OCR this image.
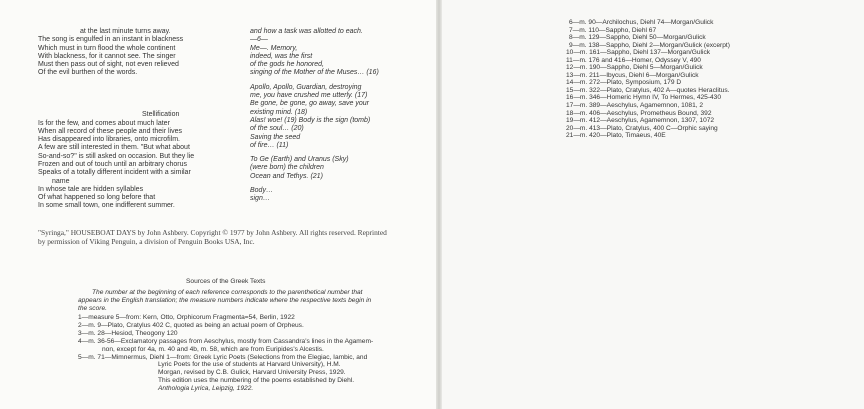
at the last minute turns away.
The song is engulfed in an instant in blackness
Which must in turn flood the whole continent
With blackness, for it cannot see. The singer
Must then pass out of sight, not even relieved
Of the evil burthen of the words.
Stellification
Is for the few, and comes about much later
When all record of these people and their lives
Has disappeared into libraries, onto microfilm.
A few are still interested in them. "But what about
So-and-so?" is still asked on occasion. But they lie
Frozen and out of touch until an arbitrary chorus
Speaks of a totally different incident with a similar
name
In whose tale are hidden syllables
Of what happened so long before that
In some small town, one indifferent summer.
and how a task was allotted to each.
—6—
Me—. Memory,
indeed, was the first
of the gods he honored,
singing of the Mother of the Muses… (16)
Apollo, Apollo, Guardian, destroying
me, you have crushed me utterly. (17)
Be gone, be gone, go away, save your
existing mind. (18)
Alas! woe! (19) Body is the sign (tomb)
of the soul… (20)
Saving the seed
of fire… (11)
To Ge (Earth) and Uranus (Sky)
(were born) the children
Ocean and Tethys. (21)
Body…
sign…
"Syringa," HOUSEBOAT DAYS by John Ashbery. Copyright © 1977 by John Ashbery. All rights reserved. Reprinted
by permission of Viking Penguin, a division of Penguin Books USA, Inc.
Sources of the Greek Texts
The number at the beginning of each reference corresponds to the parenthetical number that
appears in the English translation; the measure numbers indicate where the respective texts begin in
the score.
1—measure 5—from: Kern, Otto, Orphicorum Fragmenta=54, Berlin, 1922
2—m. 9—Plato, Cratylus 402 C, quoted as being an actual poem of Orpheus.
3—m. 28—Hesiod, Theogony 120
4—m. 36-56—Exclamatory passages from Aeschylus, mostly from Cassandra's lines in the Agamem-
non, except for 4a, m. 40 and 4b, m. 58, which are from Euripides's Alcestis.
5—m. 71—Mimnermus, Diehl 1—from: Greek Lyric Poets (Selections from the Elegiac, Iambic, and
Lyric Poets for the use of students at Harvard University), H.M.
Morgan, revised by C.B. Gulick, Harvard University Press, 1929.
This edition uses the numbering of the poems established by Diehl.
Anthologia Lyrica, Leipzig, 1922.
6—m. 90—Archilochus, Diehl 74—Morgan/Gulick
7—m. 110—Sappho, Diehl 67
8—m. 129—Sappho, Diehl 50—Morgan/Gulick
9—m. 138—Sappho, Diehl 2—Morgan/Gulick (excerpt)
10—m. 161—Sappho, Diehl 137—Morgan/Gulick
11—m. 176 and 416—Homer, Odyssey V, 490
12—m. 190—Sappho, Diehl 5—Morgan/Gulick
13—m. 211—Ibycus, Diehl 6—Morgan/Gulick
14—m. 272—Plato, Symposium, 179 D
15—m. 322—Plato, Cratylus, 402 A—quotes Heraclitus.
16—m. 346—Homeric Hymn IV, To Hermes, 425-430
17—m. 389—Aeschylus, Agamemnon, 1081, 2
18—m. 406—Aeschylus, Prometheus Bound, 392
19—m. 412—Aeschylus, Agamemnon, 1307, 1072
20—m. 413—Plato, Cratylus, 400 C—Orphic saying
21—m. 420—Plato, Timaeus, 40E
